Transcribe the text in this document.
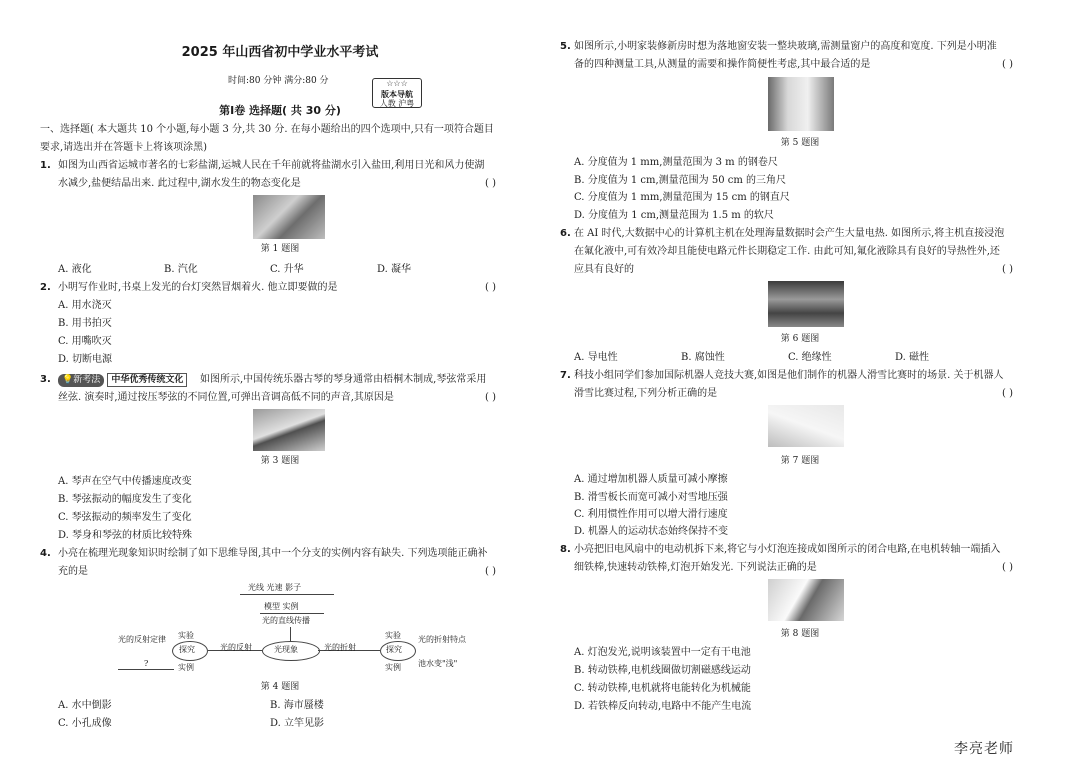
2025 年山西省初中学业水平考试
时间:80 分钟 满分:80 分	☆☆☆
版本导航
人教 沪粤
第Ⅰ卷 选择题( 共 30 分)
一、选择题( 本大题共 10 个小题,每小题 3 分,共 30 分. 在每小题给出的四个选项中,只有一项符合题目
要求,请选出并在答题卡上将该项涂黑)
1. 如图为山西省运城市著名的七彩盐湖,运城人民在千年前就将盐湖水引入盐田,利用日光和风力使湖
水减少,盐便结晶出来. 此过程中,湖水发生的物态变化是	( )
第 1 题图
A. 液化	B. 汽化	C. 升华	D. 凝华
2. 小明写作业时,书桌上发光的台灯突然冒烟着火. 他立即要做的是	( )
A. 用水浇灭
B. 用书拍灭
C. 用嘴吹灭
D. 切断电源
3.	💡新考法 中华优秀传统文化	如图所示,中国传统乐器古琴的琴身通常由梧桐木制成,琴弦常采用
丝弦. 演奏时,通过按压琴弦的不同位置,可弹出音调高低不同的声音,其原因是	( )
第 3 题图
A. 琴声在空气中传播速度改变
B. 琴弦振动的幅度发生了变化
C. 琴弦振动的频率发生了变化
D. 琴身和琴弦的材质比较特殊
4. 小亮在梳理光现象知识时绘制了如下思维导图,其中一个分支的实例内容有缺失. 下列选项能正确补
充的是	( )
光线 光速 影子
模型 实例
光的直线传播
光现象
光的反射	光的折射
实验
探究
光的反射定律
?	实例
实验
探究
光的折射特点
池水变"浅"
实例
第 4 题图
A. 水中倒影	B. 海市蜃楼
C. 小孔成像	D. 立竿见影
5. 如图所示,小明家装修新房时想为落地窗安装一整块玻璃,需测量窗户的高度和宽度. 下列是小明准
备的四种测量工具,从测量的需要和操作简便性考虑,其中最合适的是	( )
第 5 题图
A. 分度值为 1 mm,测量范围为 3 m 的钢卷尺
B. 分度值为 1 cm,测量范围为 50 cm 的三角尺
C. 分度值为 1 mm,测量范围为 15 cm 的钢直尺
D. 分度值为 1 cm,测量范围为 1.5 m 的软尺
6. 在 AI 时代,大数据中心的计算机主机在处理海量数据时会产生大量电热. 如图所示,将主机直接浸泡
在氟化液中,可有效冷却且能使电路元件长期稳定工作. 由此可知,氟化液除具有良好的导热性外,还
应具有良好的	( )
第 6 题图
A. 导电性	B. 腐蚀性	C. 绝缘性	D. 磁性
7. 科技小组同学们参加国际机器人竞技大赛,如图是他们制作的机器人滑雪比赛时的场景. 关于机器人
滑雪比赛过程,下列分析正确的是	( )
第 7 题图
A. 通过增加机器人质量可减小摩擦
B. 滑雪板长而宽可减小对雪地压强
C. 利用惯性作用可以增大滑行速度
D. 机器人的运动状态始终保持不变
8. 小亮把旧电风扇中的电动机拆下来,将它与小灯泡连接成如图所示的闭合电路,在电机转轴一端插入
细铁棒,快速转动铁棒,灯泡开始发光. 下列说法正确的是	( )
第 8 题图
A. 灯泡发光,说明该装置中一定有干电池
B. 转动铁棒,电机线圈做切割磁感线运动
C. 转动铁棒,电机就将电能转化为机械能
D. 若铁棒反向转动,电路中不能产生电流
李亮老师
